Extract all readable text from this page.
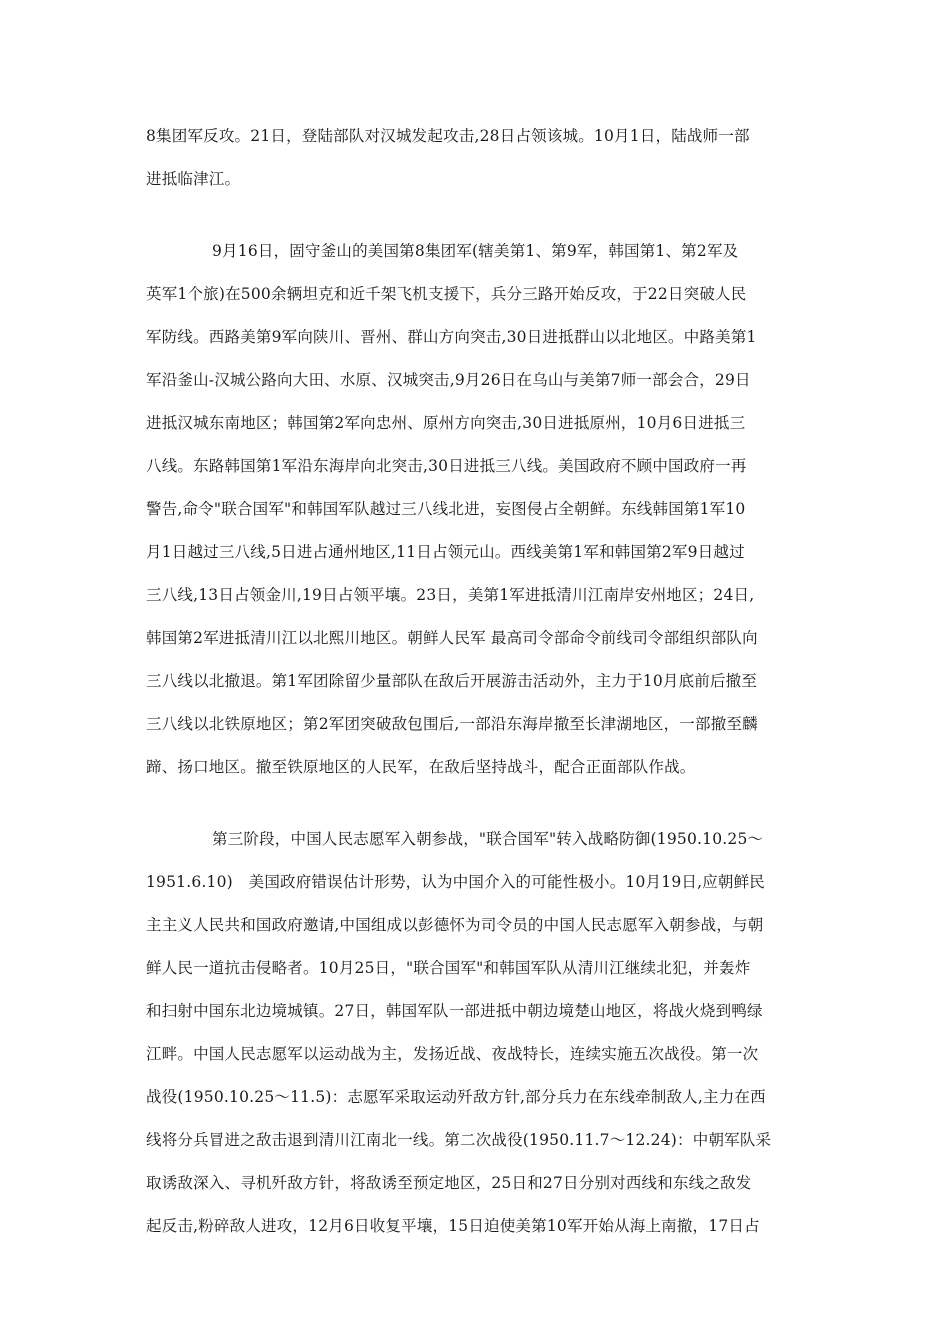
8集团军反攻。21日，登陆部队对汉城发起攻击,28日占领该城。10月1日，陆战师一部
进抵临津江。
9月16日，固守釜山的美国第8集团军(辖美第1、第9军，韩国第1、第2军及
英军1个旅)在500余辆坦克和近千架飞机支援下，兵分三路开始反攻，于22日突破人民
军防线。西路美第9军向陕川、晋州、群山方向突击,30日进抵群山以北地区。中路美第1
军沿釜山-汉城公路向大田、水原、汉城突击,9月26日在乌山与美第7师一部会合，29日
进抵汉城东南地区；韩国第2军向忠州、原州方向突击,30日进抵原州，10月6日进抵三
八线。东路韩国第1军沿东海岸向北突击,30日进抵三八线。美国政府不顾中国政府一再
警告,命令"联合国军"和韩国军队越过三八线北进，妄图侵占全朝鲜。东线韩国第1军10
月1日越过三八线,5日进占通州地区,11日占领元山。西线美第1军和韩国第2军9日越过
三八线,13日占领金川,19日占领平壤。23日，美第1军进抵清川江南岸安州地区；24日,
韩国第2军进抵清川江以北熙川地区。朝鲜人民军 最高司令部命令前线司令部组织部队向
三八线以北撤退。第1军团除留少量部队在敌后开展游击活动外，主力于10月底前后撤至
三八线以北铁原地区；第2军团突破敌包围后,一部沿东海岸撤至长津湖地区，一部撤至麟
蹄、扬口地区。撤至铁原地区的人民军，在敌后坚持战斗，配合正面部队作战。
第三阶段，中国人民志愿军入朝参战，"联合国军"转入战略防御(1950.10.25～
1951.6.10)　美国政府错误估计形势，认为中国介入的可能性极小。10月19日,应朝鲜民
主主义人民共和国政府邀请,中国组成以彭德怀为司令员的中国人民志愿军入朝参战，与朝
鲜人民一道抗击侵略者。10月25日，"联合国军"和韩国军队从清川江继续北犯，并轰炸
和扫射中国东北边境城镇。27日，韩国军队一部进抵中朝边境楚山地区，将战火烧到鸭绿
江畔。中国人民志愿军以运动战为主，发扬近战、夜战特长，连续实施五次战役。第一次
战役(1950.10.25～11.5)：志愿军采取运动歼敌方针,部分兵力在东线牵制敌人,主力在西
线将分兵冒进之敌击退到清川江南北一线。第二次战役(1950.11.7～12.24)：中朝军队采
取诱敌深入、寻机歼敌方针，将敌诱至预定地区，25日和27日分别对西线和东线之敌发
起反击,粉碎敌人进攻，12月6日收复平壤，15日迫使美第10军开始从海上南撤，17日占
